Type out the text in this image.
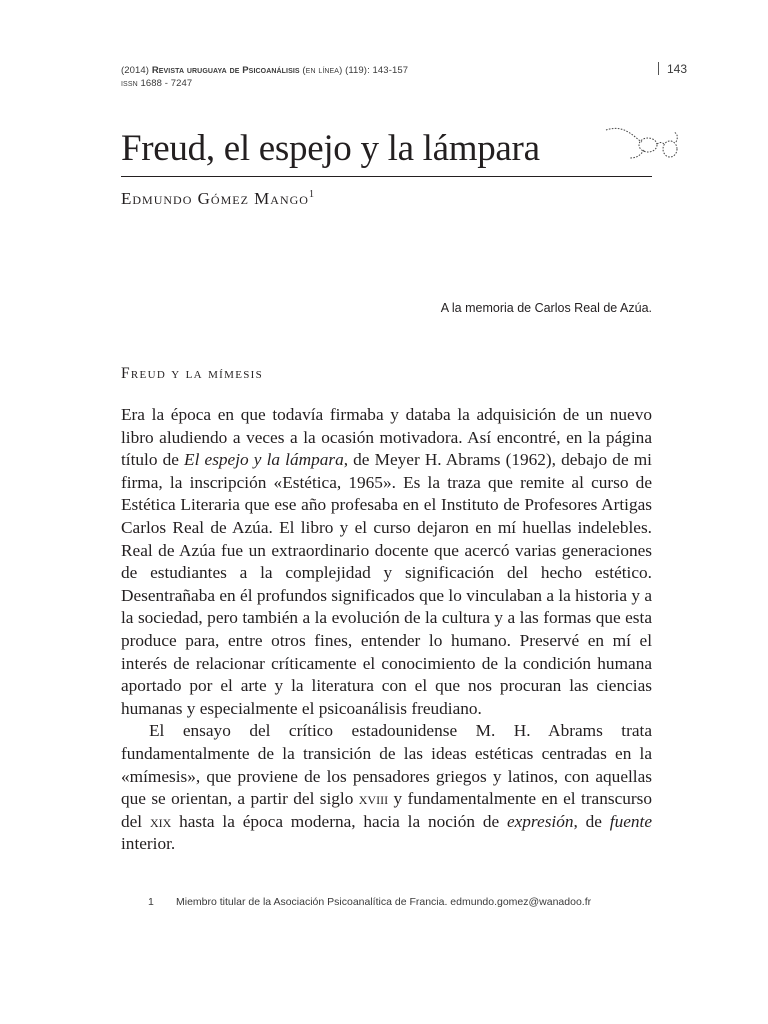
(2014) Revista uruguaya de Psicoanálisis (en línea) (119): 143-157
issn 1688 - 7247
143
Freud, el espejo y la lámpara
Edmundo Gómez Mango$^1$
A la memoria de Carlos Real de Azúa.
Freud y la mímesis

Era la época en que todavía firmaba y databa la adquisición de un nuevo libro aludiendo a veces a la ocasión motivadora. Así encontré, en la página título de El espejo y la lámpara, de Meyer H. Abrams (1962), debajo de mi firma, la inscripción «Estética, 1965». Es la traza que remite al curso de Estética Literaria que ese año profesaba en el Instituto de Profesores Artigas Carlos Real de Azúa. El libro y el curso dejaron en mí huellas indelebles. Real de Azúa fue un extraordinario docente que acercó varias generaciones de estudiantes a la complejidad y significación del hecho estético. Desentrañaba en él profundos significados que lo vinculaban a la historia y a la sociedad, pero también a la evolución de la cultura y a las formas que esta produce para, entre otros fines, entender lo humano. Preservé en mí el interés de relacionar críticamente el conocimiento de la condición humana aportado por el arte y la literatura con el que nos procuran las ciencias humanas y especialmente el psicoanálisis freudiano.

El ensayo del crítico estadounidense M. H. Abrams trata fundamentalmente de la transición de las ideas estéticas centradas en la «mímesis», que proviene de los pensadores griegos y latinos, con aquellas que se orientan, a partir del siglo xviii y fundamentalmente en el transcurso del xix hasta la época moderna, hacia la noción de expresión, de fuente interior.

1 Miembro titular de la Asociación Psicoanalítica de Francia. edmundo.gomez@wanadoo.fr
